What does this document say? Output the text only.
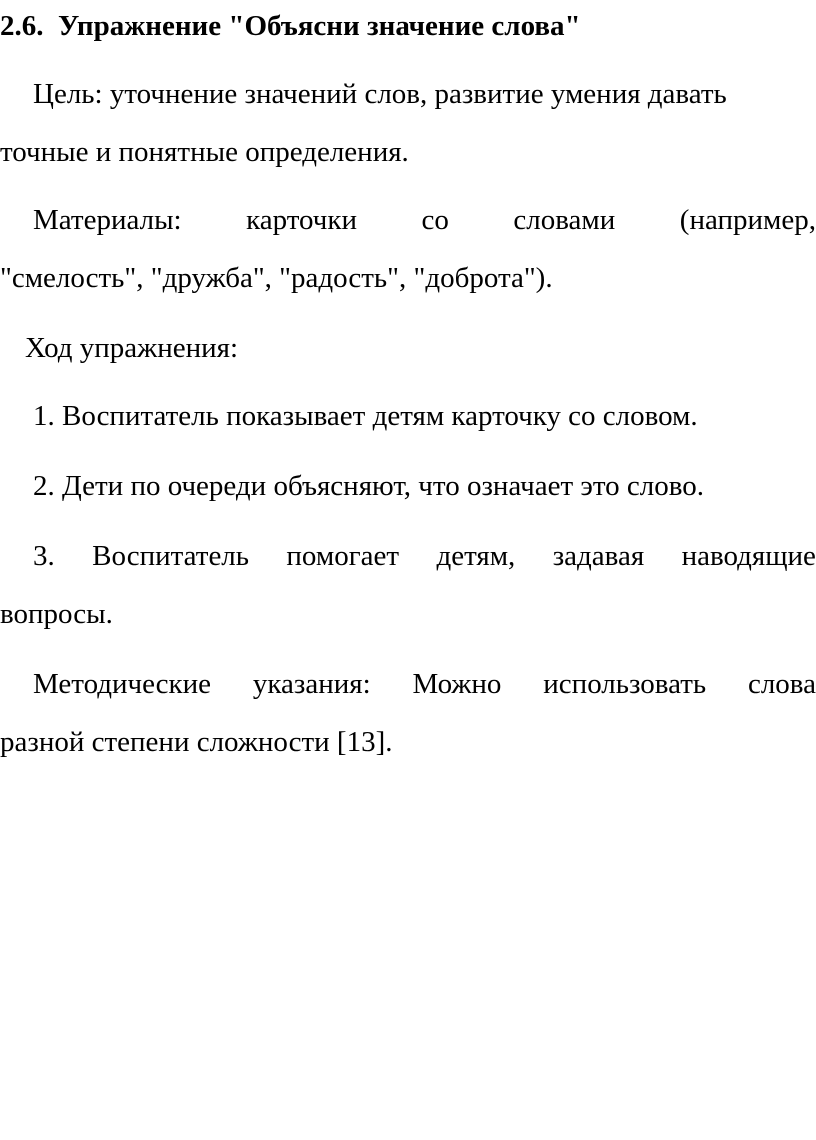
2.6. Упражнение "Объясни значение слова"
Цель: уточнение значений слов, развитие умения давать
точные и понятные определения.
Материалы: карточки со словами (например,
"смелость", "дружба", "радость", "доброта").
Ход упражнения:
1. Воспитатель показывает детям карточку со словом.
2. Дети по очереди объясняют, что означает это слово.
3. Воспитатель помогает детям, задавая наводящие
вопросы.
Методические указания: Можно использовать слова
разной степени сложности [13].
